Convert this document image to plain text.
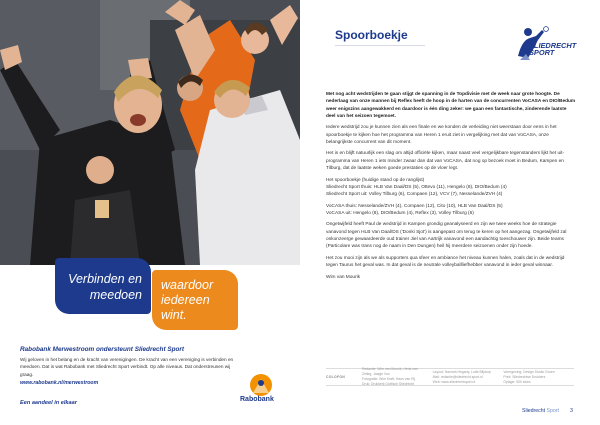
Verbinden en meedoen
waardoor iedereen wint.
Rabobank Merwestroom ondersteunt Sliedrecht Sport
Wij geloven in het belang en de kracht van verenigingen. De kracht van een vereniging is verbinden en meedoen. Dat is wat Rabobank met Sliedrecht Sport verbindt. Op alle niveaus. Dat onderstreunen wij graag.
www.rabobank.nl/merwestroom
Een aandeel in elkaar	Rabobank
Spoorboekje
SLIEDRECHT
SPORT

Met nog acht wedstrijden te gaan stijgt de spanning in de Topdivisie met de week naar grote hoogte. De nederlaag van onze mannen bij Reflex heeft de hoop in de harten van de concurrenten VoCASA en DIO/Bedum weer enigszins aangewakkerd en daardoor is één ding zeker: we gaan een fantastische, zinderende laatste deel van het seizoen tegemoet.

Iedere wedstrijd zou je kunnen zien als een finale en we konden de verleiding niet weerstaan door eens in het spoorboekje te kijken hoe het programma van Heren 1 eruit ziet in vergelijking met dat van VoCASA, onze belangrijkste concurrent van dit moment.

Het is en blijft natuurlijk een slag om altijd officiële kijken, maar naast veel vergelijkbare tegenstanders lijkt het uit-programma van Heren 1 iets minder zwaar dan dat van VoCASA, dat nog op bezoek moet in Bedum, Kampen en Tilburg, dat de laatste weken goede prestaties op de vloer legt.

Het spoorboekje (huidige stand op de ranglijst)
Sliedrecht Sport thuis: HLB Van Daal/DS (5), Ottevo (11), Hengelo (8), DIO/Bedum (4)
Sliedrecht Sport uit: Volley Tilburg (6), Compaen (12), VCV (7), Nesselande/ZVH (4)

VoCASA thuis: Nesselande/ZVH (4), Compaen (12), Cito (10), HLB Van Daal/DS (5)
VoCASA uit: Hengelo (8), DIO/Bedum (4), Reflex (3), Volley Tilburg (6)

Ongetwijfeld heeft Paul de wedstrijd in Kampen grondig geanalyseerd en zijn we twee weeks hoe de strategie vanavond tegen HLB Van Daal/DS ('Donki Sjot') is aangepast om terug te keren op het aangezag. Ongetwijfeld zal onkonzeerge gewaardeerde oud trainer Jiel van Aartrijk vanavond een aandachtig toeschouwer zijn. Beide teams (Particolare was trans nog de naam in Den Dungen) heil hij meerdere seizoenen onder zijn hoede.

Het zou mooi zijn als we als supporters qua sfeer en ambiance het niveau kunnen halen, zoals dat in de wedstrijd tegen Taurus het geval was. In dat geval is de neutrale volleyballliefhebber vanavond in ieder geval winnaar.

Wim van Mourik

COLOFON
Redactie: Wim van Mourik, Henk van Zelleg, Jaapje Vos
Fotografie: Wim Kraft, Hans van Rij
Druk: Drukkerij Grafisch Sliedrecht
Layout: Hannah Hegarty, Lotte Blijdorp
Mail: redactie@sliedrecht.sport.nl
Web: www.sliedrechtsport.nl
Vormgeving: Design Studio Groen
Print: Sliedrechtse Drukkers
Oplage: 500 stuks
Sliedrecht Sport 3
